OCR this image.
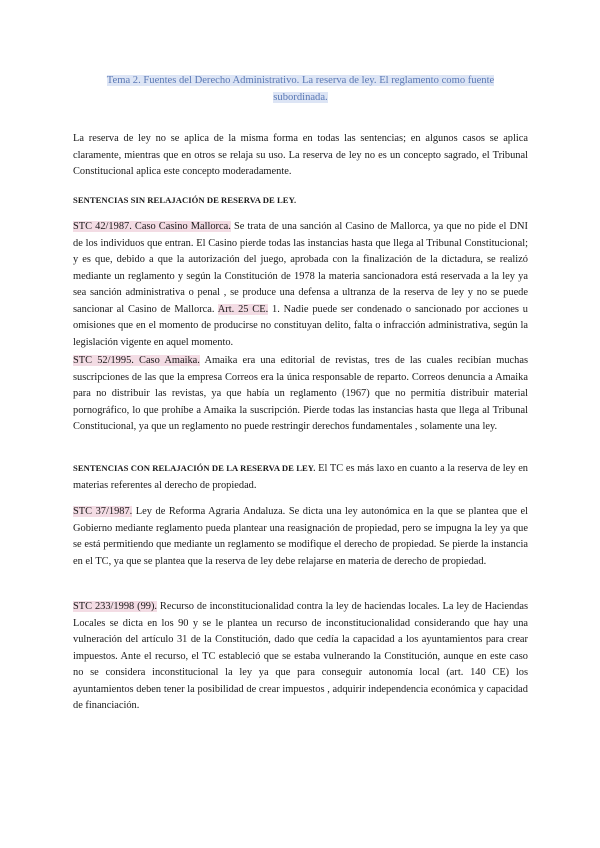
Tema 2. Fuentes del Derecho Administrativo. La reserva de ley. El reglamento como fuente subordinada.

La reserva de ley no se aplica de la misma forma en todas las sentencias; en algunos casos se aplica claramente, mientras que en otros se relaja su uso. La reserva de ley no es un concepto sagrado, el Tribunal Constitucional aplica este concepto moderadamente.

SENTENCIAS SIN RELAJACIÓN DE RESERVA DE LEY.

STC 42/1987. Caso Casino Mallorca. Se trata de una sanción al Casino de Mallorca, ya que no pide el DNI de los individuos que entran. El Casino pierde todas las instancias hasta que llega al Tribunal Constitucional; y es que, debido a que la autorización del juego, aprobada con la finalización de la dictadura, se realizó mediante un reglamento y según la Constitución de 1978 la materia sancionadora está reservada a la ley ya sea sanción administrativa o penal , se produce una defensa a ultranza de la reserva de ley y no se puede sancionar al Casino de Mallorca. Art. 25 CE. 1. Nadie puede ser condenado o sancionado por acciones u omisiones que en el momento de producirse no constituyan delito, falta o infracción administrativa, según la legislación vigente en aquel momento.

STC 52/1995. Caso Amaika. Amaika era una editorial de revistas, tres de las cuales recibían muchas suscripciones de las que la empresa Correos era la única responsable de reparto. Correos denuncia a Amaika para no distribuir las revistas, ya que había un reglamento (1967) que no permitía distribuir material pornográfico, lo que prohíbe a Amaika la suscripción. Pierde todas las instancias hasta que llega al Tribunal Constitucional, ya que un reglamento no puede restringir derechos fundamentales , solamente una ley.

SENTENCIAS CON RELAJACIÓN DE LA RESERVA DE LEY. El TC es más laxo en cuanto a la reserva de ley en materias referentes al derecho de propiedad.

STC 37/1987. Ley de Reforma Agraria Andaluza. Se dicta una ley autonómica en la que se plantea que el Gobierno mediante reglamento pueda plantear una reasignación de propiedad, pero se impugna la ley ya que se está permitiendo que mediante un reglamento se modifique el derecho de propiedad. Se pierde la instancia en el TC, ya que se plantea que la reserva de ley debe relajarse en materia de derecho de propiedad.

STC 233/1998 (99). Recurso de inconstitucionalidad contra la ley de haciendas locales. La ley de Haciendas Locales se dicta en los 90 y se le plantea un recurso de inconstitucionalidad considerando que hay una vulneración del artículo 31 de la Constitución, dado que cedía la capacidad a los ayuntamientos para crear impuestos. Ante el recurso, el TC estableció que se estaba vulnerando la Constitución, aunque en este caso no se considera inconstitucional la ley ya que para conseguir autonomía local (art. 140 CE) los ayuntamientos deben tener la posibilidad de crear impuestos , adquirir independencia económica y capacidad de financiación.
